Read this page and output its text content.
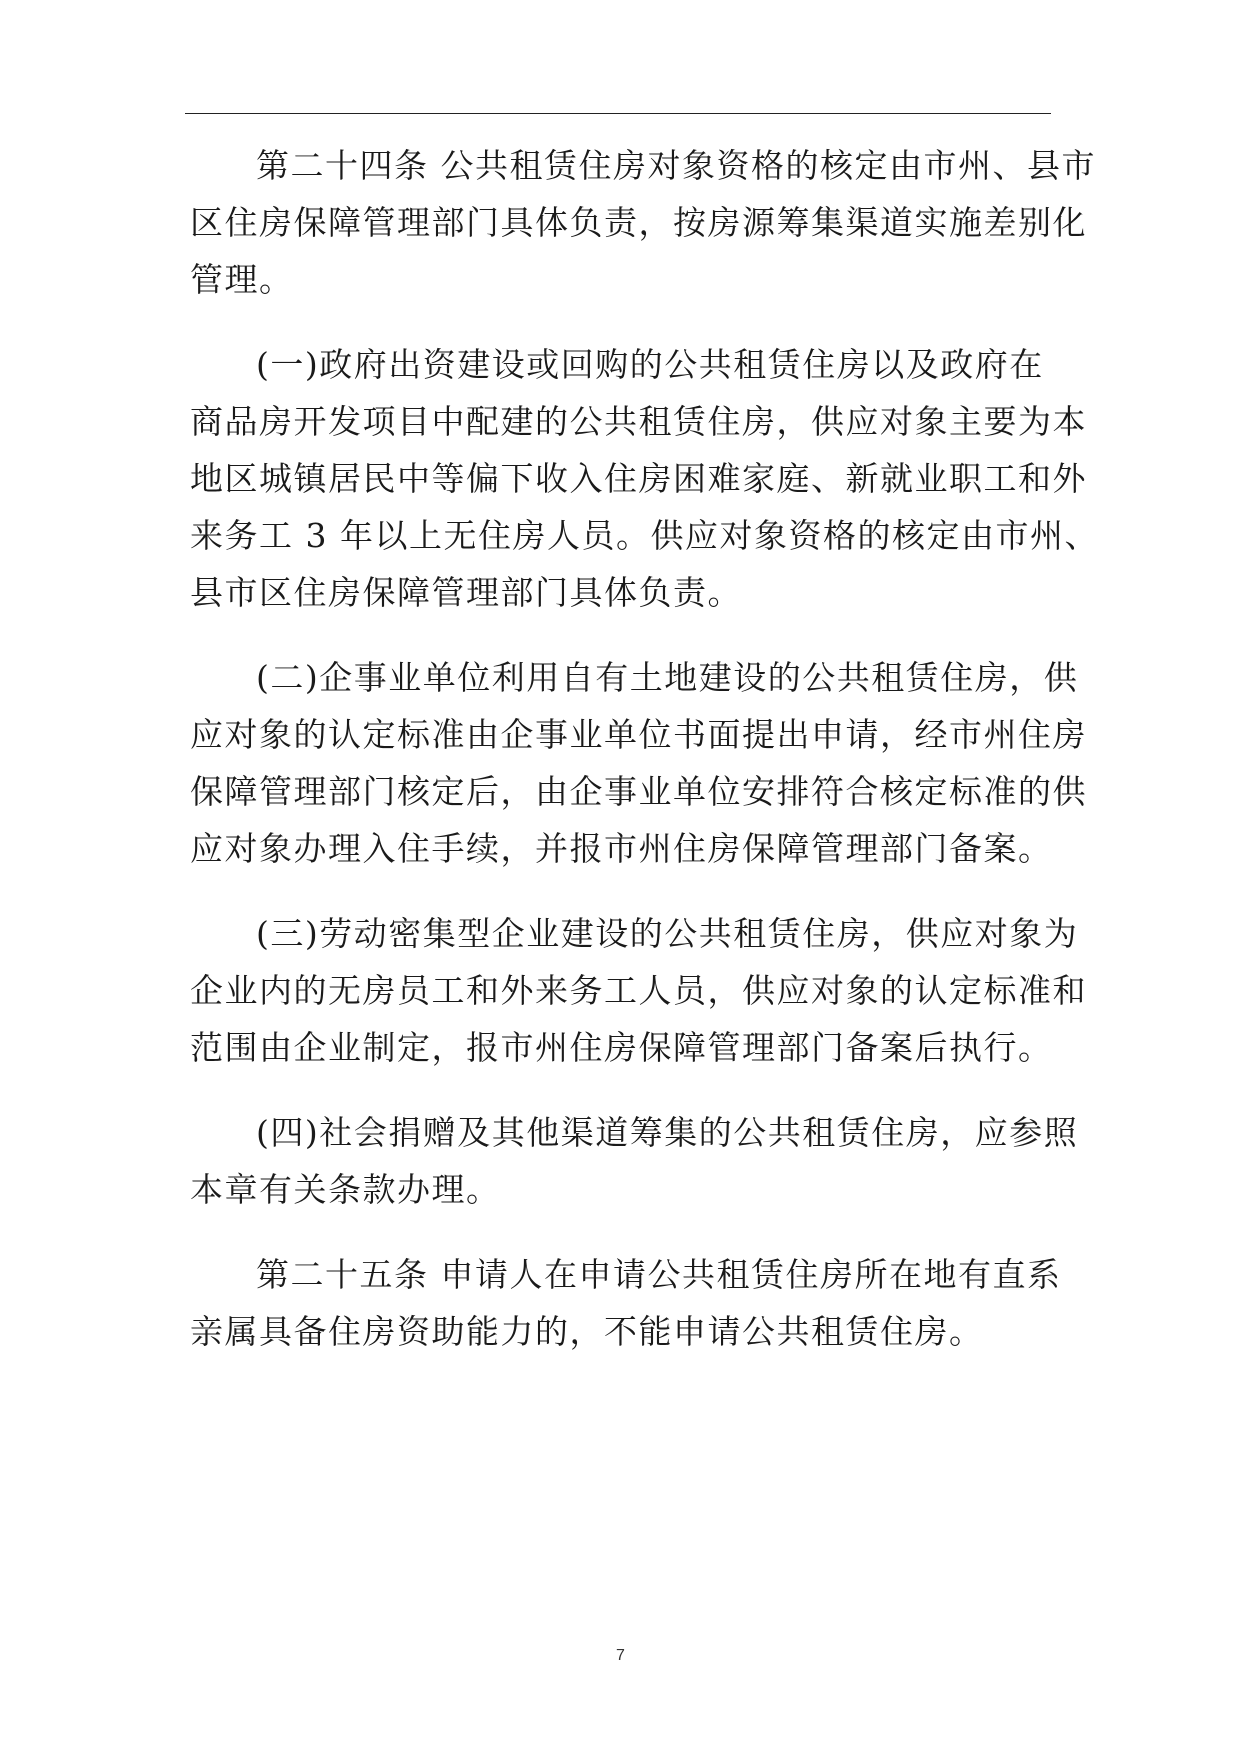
第二十四条 公共租赁住房对象资格的核定由市州、县市
区住房保障管理部门具体负责，按房源筹集渠道实施差别化
管理。
(一)政府出资建设或回购的公共租赁住房以及政府在
商品房开发项目中配建的公共租赁住房，供应对象主要为本
地区城镇居民中等偏下收入住房困难家庭、新就业职工和外
来务工 3 年以上无住房人员。供应对象资格的核定由市州、
县市区住房保障管理部门具体负责。
(二)企事业单位利用自有土地建设的公共租赁住房，供
应对象的认定标准由企事业单位书面提出申请，经市州住房
保障管理部门核定后，由企事业单位安排符合核定标准的供
应对象办理入住手续，并报市州住房保障管理部门备案。
(三)劳动密集型企业建设的公共租赁住房，供应对象为
企业内的无房员工和外来务工人员，供应对象的认定标准和
范围由企业制定，报市州住房保障管理部门备案后执行。
(四)社会捐赠及其他渠道筹集的公共租赁住房，应参照
本章有关条款办理。
第二十五条 申请人在申请公共租赁住房所在地有直系
亲属具备住房资助能力的，不能申请公共租赁住房。
7
